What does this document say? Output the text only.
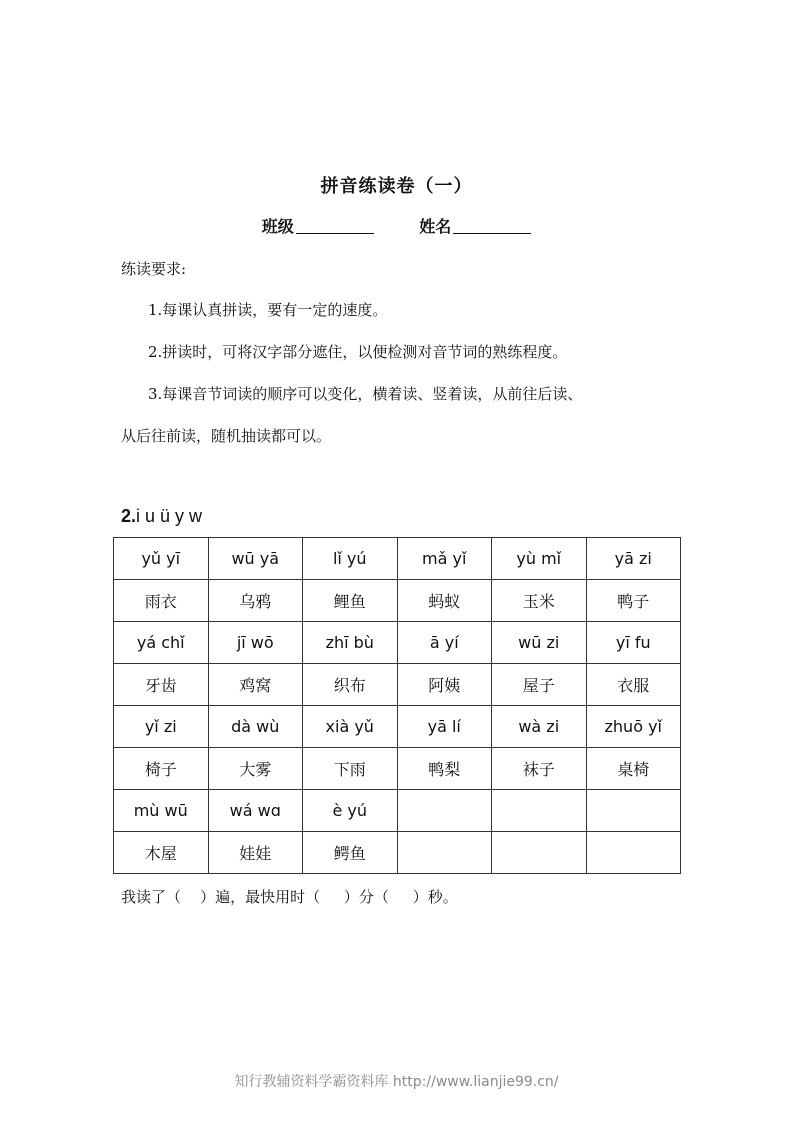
拼音练读卷（一）
班级	姓名
练读要求:
1.每课认真拼读，要有一定的速度。
2.拼读时，可将汉字部分遮住，以便检测对音节词的熟练程度。
3.每课音节词读的顺序可以变化，横着读、竖着读，从前往后读、
从后往前读，随机抽读都可以。
2.i u ü y w
yǔ yī	wū yā	lǐ yú	mǎ yǐ	yù mǐ	yā zi
雨衣	乌鸦	鲤鱼	蚂蚁	玉米	鸭子
yá chǐ	jī wō	zhī bù	ā yí	wū zi	yī fu
牙齿	鸡窝	织布	阿姨	屋子	衣服
yǐ zi	dà wù	xià yǔ	yā lí	wà zi	zhuō yǐ
椅子	大雾	下雨	鸭梨	袜子	桌椅
mù wū	wá wɑ	è yú			
木屋	娃娃	鳄鱼			
我读了（    ）遍，最快用时（     ）分（     ）秒。
知行教辅资料学霸资料库 http://www.lianjie99.cn/
